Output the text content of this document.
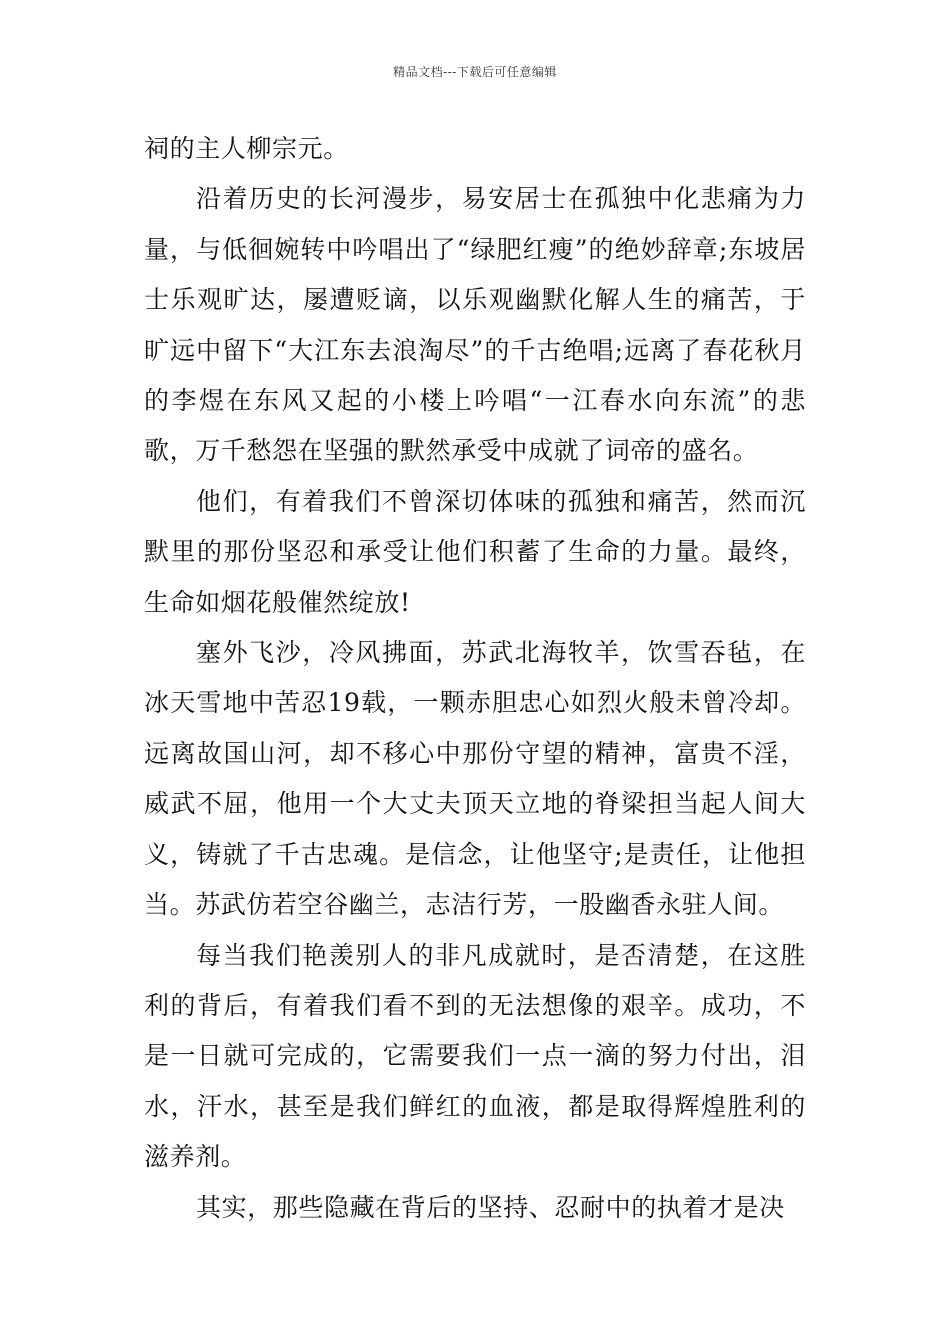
精品文档---下载后可任意编辑

祠的主人柳宗元。

沿着历史的长河漫步，易安居士在孤独中化悲痛为力量，与低徊婉转中吟唱出了“绿肥红瘦”的绝妙辞章;东坡居士乐观旷达，屡遭贬谪，以乐观幽默化解人生的痛苦，于旷远中留下“大江东去浪淘尽”的千古绝唱;远离了春花秋月的李煜在东风又起的小楼上吟唱“一江春水向东流”的悲歌，万千愁怨在坚强的默然承受中成就了词帝的盛名。

他们，有着我们不曾深切体味的孤独和痛苦，然而沉默里的那份坚忍和承受让他们积蓄了生命的力量。最终，生命如烟花般催然绽放!

塞外飞沙，冷风拂面，苏武北海牧羊，饮雪吞毡，在冰天雪地中苦忍19载，一颗赤胆忠心如烈火般未曾冷却。远离故国山河，却不移心中那份守望的精神，富贵不淫，威武不屈，他用一个大丈夫顶天立地的脊梁担当起人间大义，铸就了千古忠魂。是信念，让他坚守;是责任，让他担当。苏武仿若空谷幽兰，志洁行芳，一股幽香永驻人间。

每当我们艳羡别人的非凡成就时，是否清楚，在这胜利的背后，有着我们看不到的无法想像的艰辛。成功，不是一日就可完成的，它需要我们一点一滴的努力付出，泪水，汗水，甚至是我们鲜红的血液，都是取得辉煌胜利的滋养剂。

其实，那些隐藏在背后的坚持、忍耐中的执着才是决
